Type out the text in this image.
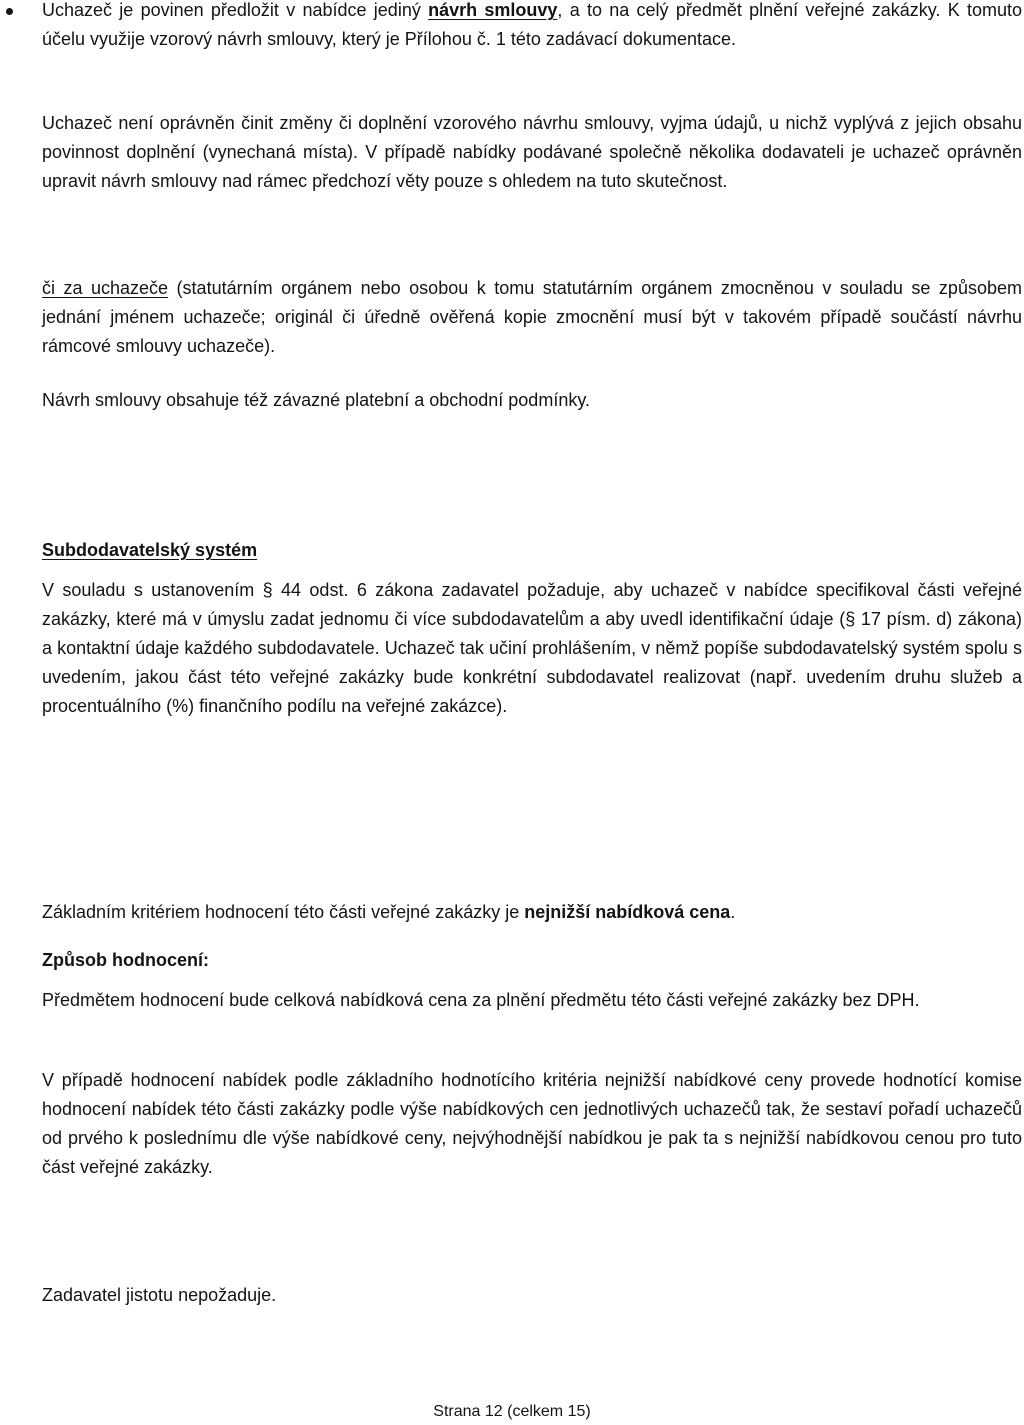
Uchazeč je povinen předložit v nabídce jediný návrh smlouvy, a to na celý předmět plnění veřejné zakázky. K tomuto účelu využije vzorový návrh smlouvy, který je Přílohou č. 1 této zadávací dokumentace.

Uchazeč není oprávněn činit změny či doplnění vzorového návrhu smlouvy, vyjma údajů, u nichž vyplývá z jejich obsahu povinnost doplnění (vynechaná místa). V případě nabídky podávané společně několika dodavateli je uchazeč oprávněn upravit návrh smlouvy nad rámec předchozí věty pouze s ohledem na tuto skutečnost.

či za uchazeče (statutárním orgánem nebo osobou k tomu statutárním orgánem zmocněnou v souladu se způsobem jednání jménem uchazeče; originál či úředně ověřená kopie zmocnění musí být v takovém případě součástí návrhu rámcové smlouvy uchazeče).

Návrh smlouvy obsahuje též závazné platební a obchodní podmínky.

Subdodavatelský systém

V souladu s ustanovením § 44 odst. 6 zákona zadavatel požaduje, aby uchazeč v nabídce specifikoval části veřejné zakázky, které má v úmyslu zadat jednomu či více subdodavatelům a aby uvedl identifikační údaje (§ 17 písm. d) zákona) a kontaktní údaje každého subdodavatele. Uchazeč tak učiní prohlášením, v němž popíše subdodavatelský systém spolu s uvedením, jakou část této veřejné zakázky bude konkrétní subdodavatel realizovat (např. uvedením druhu služeb a procentuálního (%) finančního podílu na veřejné zakázce).

Základním kritériem hodnocení této části veřejné zakázky je nejnižší nabídková cena.

Způsob hodnocení:

Předmětem hodnocení bude celková nabídková cena za plnění předmětu této části veřejné zakázky bez DPH.

V případě hodnocení nabídek podle základního hodnotícího kritéria nejnižší nabídkové ceny provede hodnotící komise hodnocení nabídek této části zakázky podle výše nabídkových cen jednotlivých uchazečů tak, že sestaví pořadí uchazečů od prvého k poslednímu dle výše nabídkové ceny, nejvýhodnější nabídkou je pak ta s nejnižší nabídkovou cenou pro tuto část veřejné zakázky.

Zadavatel jistotu nepožaduje.

Strana 12 (celkem 15)
